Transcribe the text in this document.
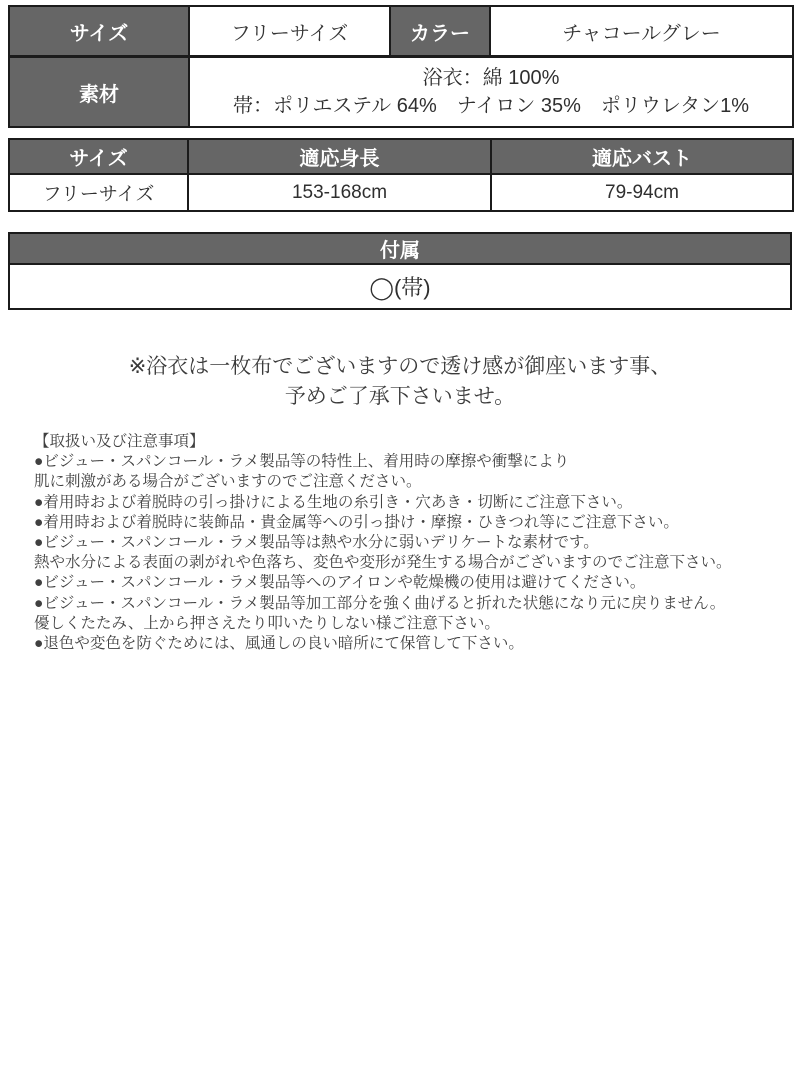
サイズ	フリーサイズ	カラー	チャコールグレー
素材	浴衣：綿 100%
帯：ポリエステル 64%　ナイロン 35%　ポリウレタン1%		
サイズ	適応身長	適応バスト
フリーサイズ	153-168cm	79-94cm
付属
◯(帯)
※浴衣は一枚布でございますので透け感が御座います事、
予めご了承下さいませ。
【取扱い及び注意事項】
●ビジュー・スパンコール・ラメ製品等の特性上、着用時の摩擦や衝撃により
肌に刺激がある場合がございますのでご注意ください。
●着用時および着脱時の引っ掛けによる生地の糸引き・穴あき・切断にご注意下さい。
●着用時および着脱時に装飾品・貴金属等への引っ掛け・摩擦・ひきつれ等にご注意下さい。
●ビジュー・スパンコール・ラメ製品等は熱や水分に弱いデリケートな素材です。
熱や水分による表面の剥がれや色落ち、変色や変形が発生する場合がございますのでご注意下さい。
●ビジュー・スパンコール・ラメ製品等へのアイロンや乾燥機の使用は避けてください。
●ビジュー・スパンコール・ラメ製品等加工部分を強く曲げると折れた状態になり元に戻りません。
優しくたたみ、上から押さえたり叩いたりしない様ご注意下さい。
●退色や変色を防ぐためには、風通しの良い暗所にて保管して下さい。
